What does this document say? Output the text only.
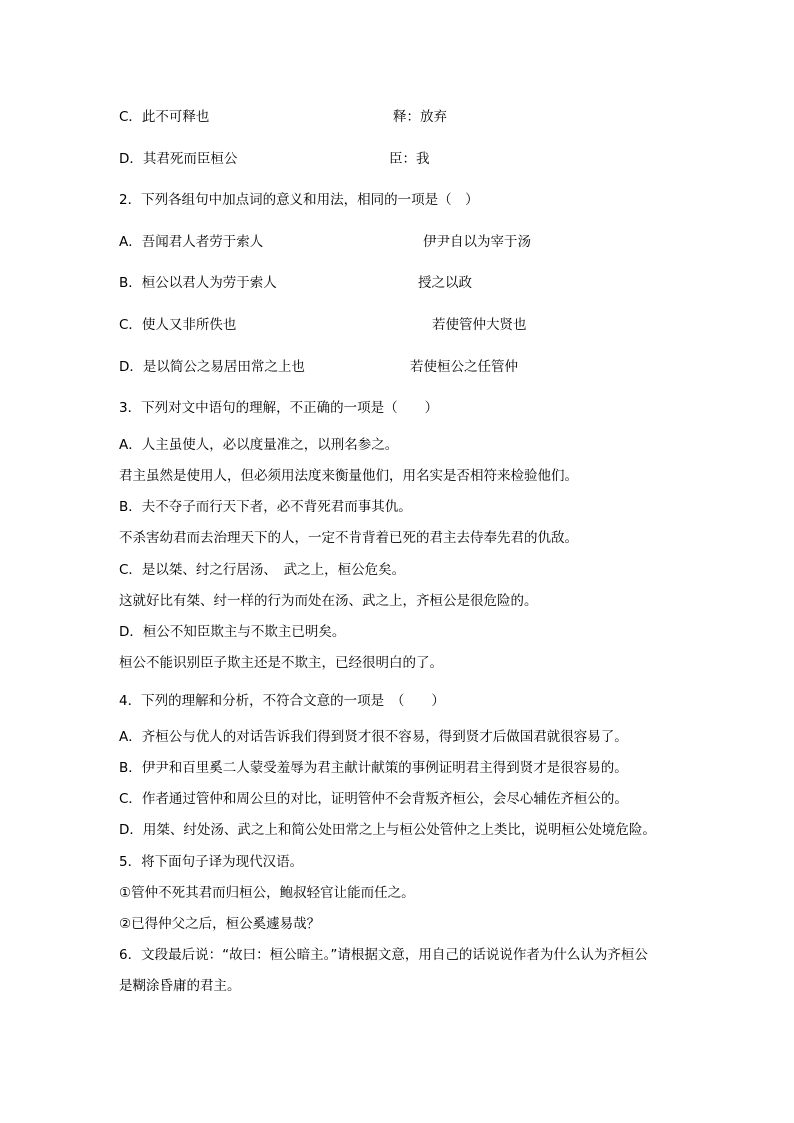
C．此不可释也	释：放弃
D．其君死而臣桓公	臣：我
2．下列各组句中加点词的意义和用法，相同的一项是（　）
A．吾闻君人者劳于索人	伊尹自以为宰于汤
B．桓公以君人为劳于索人	授之以政
C．使人又非所佚也	若使管仲大贤也
D．是以简公之易居田常之上也	若使桓公之任管仲
3．下列对文中语句的理解，不正确的一项是（　　）
A．人主虽使人，必以度量准之，以刑名参之。
君主虽然是使用人，但必须用法度来衡量他们，用名实是否相符来检验他们。
B．夫不夺子而行天下者，必不背死君而事其仇。
不杀害幼君而去治理天下的人，一定不肯背着已死的君主去侍奉先君的仇敌。
C．是以桀、纣之行居汤、　武之上，桓公危矣。
这就好比有桀、纣一样的行为而处在汤、武之上，齐桓公是很危险的。
D．桓公不知臣欺主与不欺主已明矣。
桓公不能识别臣子欺主还是不欺主，已经很明白的了。
4．下列的理解和分析，不符合文意的一项是　（　　）
A．齐桓公与优人的对话告诉我们得到贤才很不容易，得到贤才后做国君就很容易了。
B．伊尹和百里奚二人蒙受羞辱为君主献计献策的事例证明君主得到贤才是很容易的。
C．作者通过管仲和周公旦的对比，证明管仲不会背叛齐桓公，会尽心辅佐齐桓公的。
D．用桀、纣处汤、武之上和简公处田常之上与桓公处管仲之上类比，说明桓公处境危险。
5．将下面句子译为现代汉语。
①管仲不死其君而归桓公，鲍叔轻官让能而任之。
②已得仲父之后，桓公奚遽易哉？
6．文段最后说：“故曰：桓公暗主。”请根据文意，用自己的话说说作者为什么认为齐桓公
是糊涂昏庸的君主。
